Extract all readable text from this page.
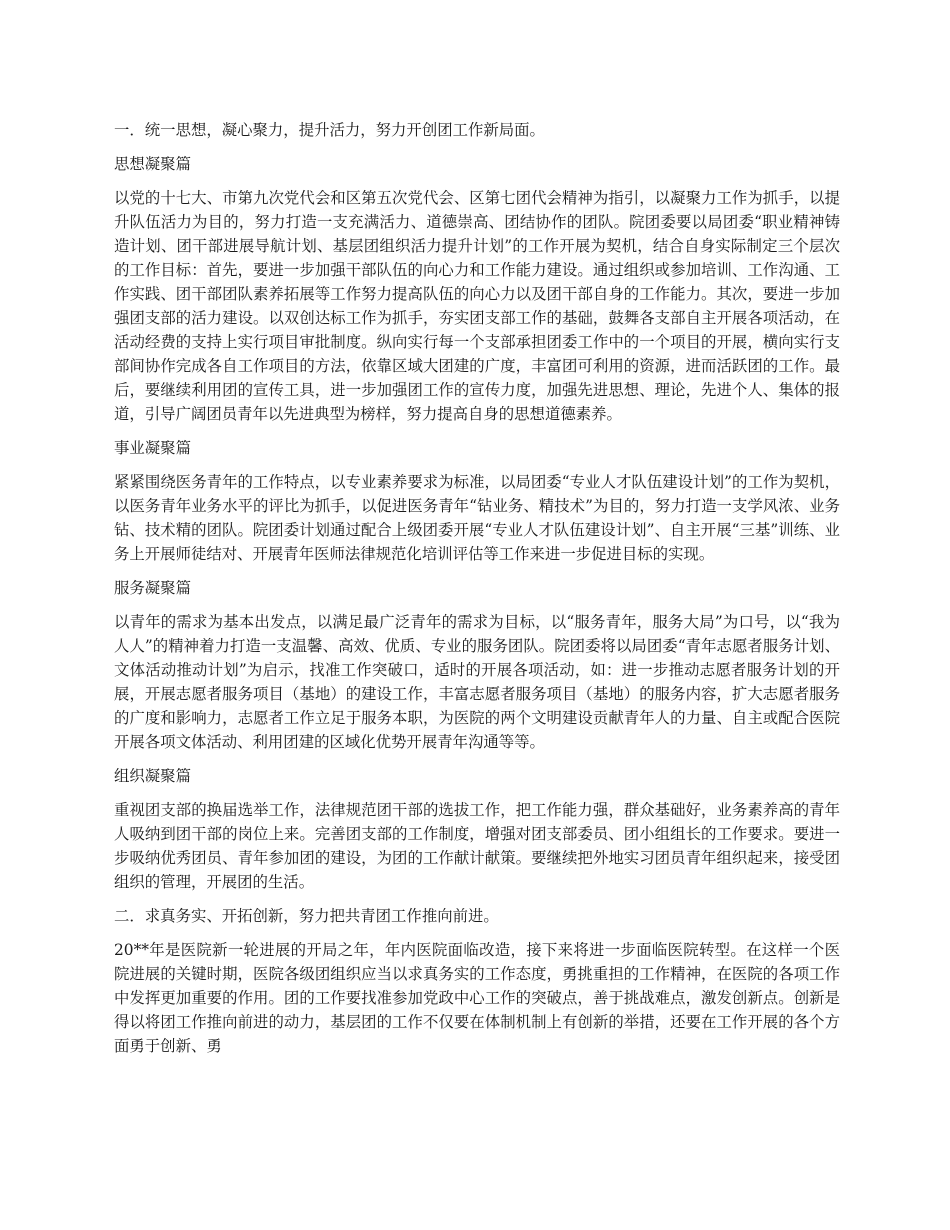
一．统一思想，凝心聚力，提升活力，努力开创团工作新局面。

思想凝聚篇

以党的十七大、市第九次党代会和区第五次党代会、区第七团代会精神为指引，以凝聚力工作为抓手，以提升队伍活力为目的，努力打造一支充满活力、道德崇高、团结协作的团队。院团委要以局团委“职业精神铸造计划、团干部进展导航计划、基层团组织活力提升计划”的工作开展为契机，结合自身实际制定三个层次的工作目标：首先，要进一步加强干部队伍的向心力和工作能力建设。通过组织或参加培训、工作沟通、工作实践、团干部团队素养拓展等工作努力提高队伍的向心力以及团干部自身的工作能力。其次，要进一步加强团支部的活力建设。以双创达标工作为抓手，夯实团支部工作的基础，鼓舞各支部自主开展各项活动，在活动经费的支持上实行项目审批制度。纵向实行每一个支部承担团委工作中的一个项目的开展，横向实行支部间协作完成各自工作项目的方法，依靠区域大团建的广度，丰富团可利用的资源，进而活跃团的工作。最后，要继续利用团的宣传工具，进一步加强团工作的宣传力度，加强先进思想、理论，先进个人、集体的报道，引导广阔团员青年以先进典型为榜样，努力提高自身的思想道德素养。

事业凝聚篇

紧紧围绕医务青年的工作特点，以专业素养要求为标准，以局团委“专业人才队伍建设计划”的工作为契机，以医务青年业务水平的评比为抓手，以促进医务青年“钻业务、精技术”为目的，努力打造一支学风浓、业务钻、技术精的团队。院团委计划通过配合上级团委开展“专业人才队伍建设计划”、自主开展“三基”训练、业务上开展师徒结对、开展青年医师法律规范化培训评估等工作来进一步促进目标的实现。

服务凝聚篇

以青年的需求为基本出发点，以满足最广泛青年的需求为目标，以“服务青年，服务大局”为口号，以“我为人人”的精神着力打造一支温馨、高效、优质、专业的服务团队。院团委将以局团委“青年志愿者服务计划、文体活动推动计划”为启示，找准工作突破口，适时的开展各项活动，如：进一步推动志愿者服务计划的开展，开展志愿者服务项目（基地）的建设工作，丰富志愿者服务项目（基地）的服务内容，扩大志愿者服务的广度和影响力，志愿者工作立足于服务本职，为医院的两个文明建设贡献青年人的力量、自主或配合医院开展各项文体活动、利用团建的区域化优势开展青年沟通等等。

组织凝聚篇

重视团支部的换届选举工作，法律规范团干部的选拔工作，把工作能力强，群众基础好，业务素养高的青年人吸纳到团干部的岗位上来。完善团支部的工作制度，增强对团支部委员、团小组组长的工作要求。要进一步吸纳优秀团员、青年参加团的建设，为团的工作献计献策。要继续把外地实习团员青年组织起来，接受团组织的管理，开展团的生活。

二．求真务实、开拓创新，努力把共青团工作推向前进。

20**年是医院新一轮进展的开局之年，年内医院面临改造，接下来将进一步面临医院转型。在这样一个医院进展的关键时期，医院各级团组织应当以求真务实的工作态度，勇挑重担的工作精神，在医院的各项工作中发挥更加重要的作用。团的工作要找准参加党政中心工作的突破点，善于挑战难点，激发创新点。创新是得以将团工作推向前进的动力，基层团的工作不仅要在体制机制上有创新的举措，还要在工作开展的各个方面勇于创新、勇
